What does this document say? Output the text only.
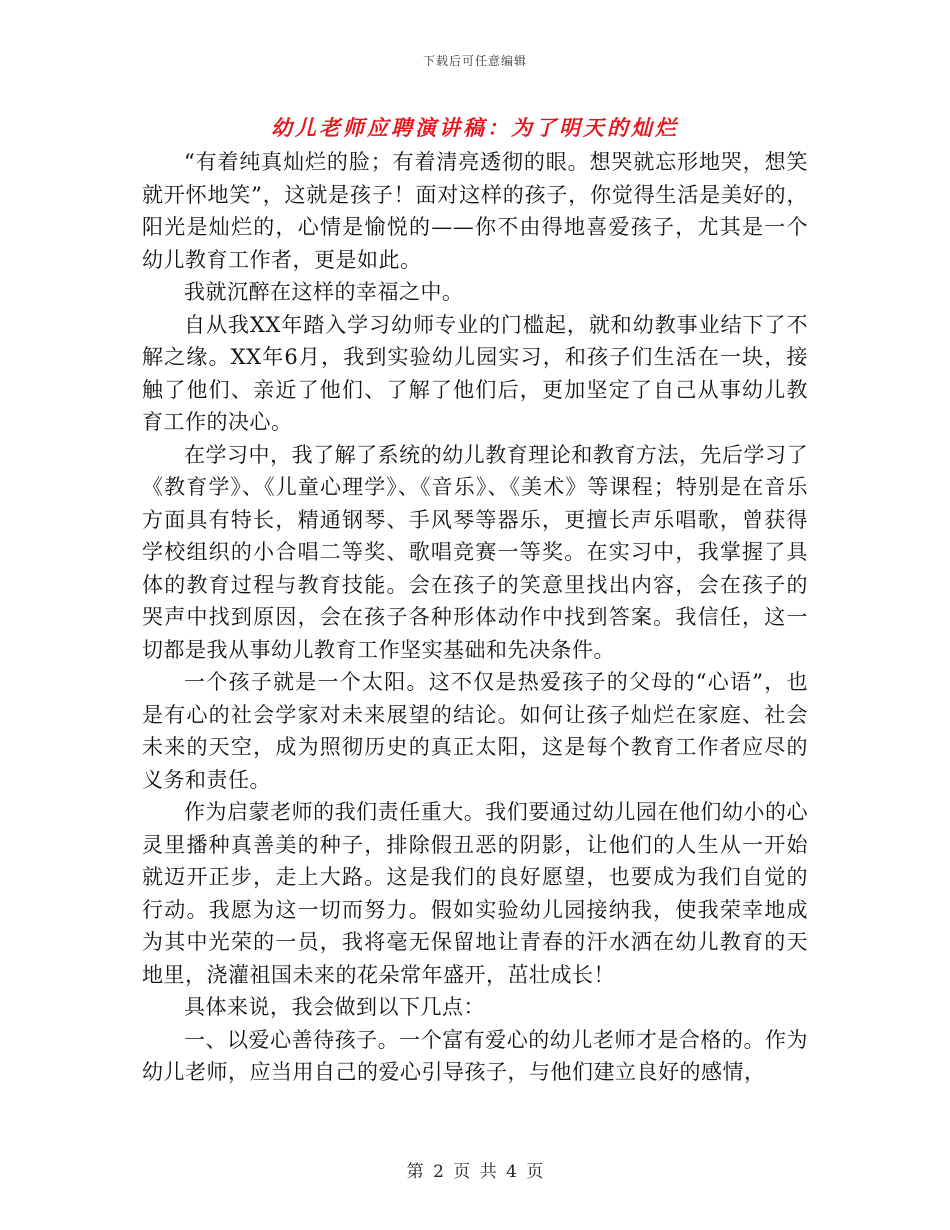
下载后可任意编辑
幼儿老师应聘演讲稿：为了明天的灿烂

“有着纯真灿烂的脸；有着清亮透彻的眼。想哭就忘形地哭，想笑就开怀地笑”，这就是孩子！面对这样的孩子，你觉得生活是美好的，阳光是灿烂的，心情是愉悦的——你不由得地喜爱孩子，尤其是一个幼儿教育工作者，更是如此。

我就沉醉在这样的幸福之中。

自从我XX年踏入学习幼师专业的门槛起，就和幼教事业结下了不解之缘。XX年6月，我到实验幼儿园实习，和孩子们生活在一块，接触了他们、亲近了他们、了解了他们后，更加坚定了自己从事幼儿教育工作的决心。

在学习中，我了解了系统的幼儿教育理论和教育方法，先后学习了《教育学》、《儿童心理学》、《音乐》、《美术》等课程；特别是在音乐方面具有特长，精通钢琴、手风琴等器乐，更擅长声乐唱歌，曾获得学校组织的小合唱二等奖、歌唱竞赛一等奖。在实习中，我掌握了具体的教育过程与教育技能。会在孩子的笑意里找出内容，会在孩子的哭声中找到原因，会在孩子各种形体动作中找到答案。我信任，这一切都是我从事幼儿教育工作坚实基础和先决条件。

一个孩子就是一个太阳。这不仅是热爱孩子的父母的“心语”，也是有心的社会学家对未来展望的结论。如何让孩子灿烂在家庭、社会未来的天空，成为照彻历史的真正太阳，这是每个教育工作者应尽的义务和责任。

作为启蒙老师的我们责任重大。我们要通过幼儿园在他们幼小的心灵里播种真善美的种子，排除假丑恶的阴影，让他们的人生从一开始就迈开正步，走上大路。这是我们的良好愿望，也要成为我们自觉的行动。我愿为这一切而努力。假如实验幼儿园接纳我，使我荣幸地成为其中光荣的一员，我将毫无保留地让青春的汗水洒在幼儿教育的天地里，浇灌祖国未来的花朵常年盛开，茁壮成长！

具体来说，我会做到以下几点：

一、以爱心善待孩子。一个富有爱心的幼儿老师才是合格的。作为幼儿老师，应当用自己的爱心引导孩子，与他们建立良好的感情，

第 2 页 共 4 页
